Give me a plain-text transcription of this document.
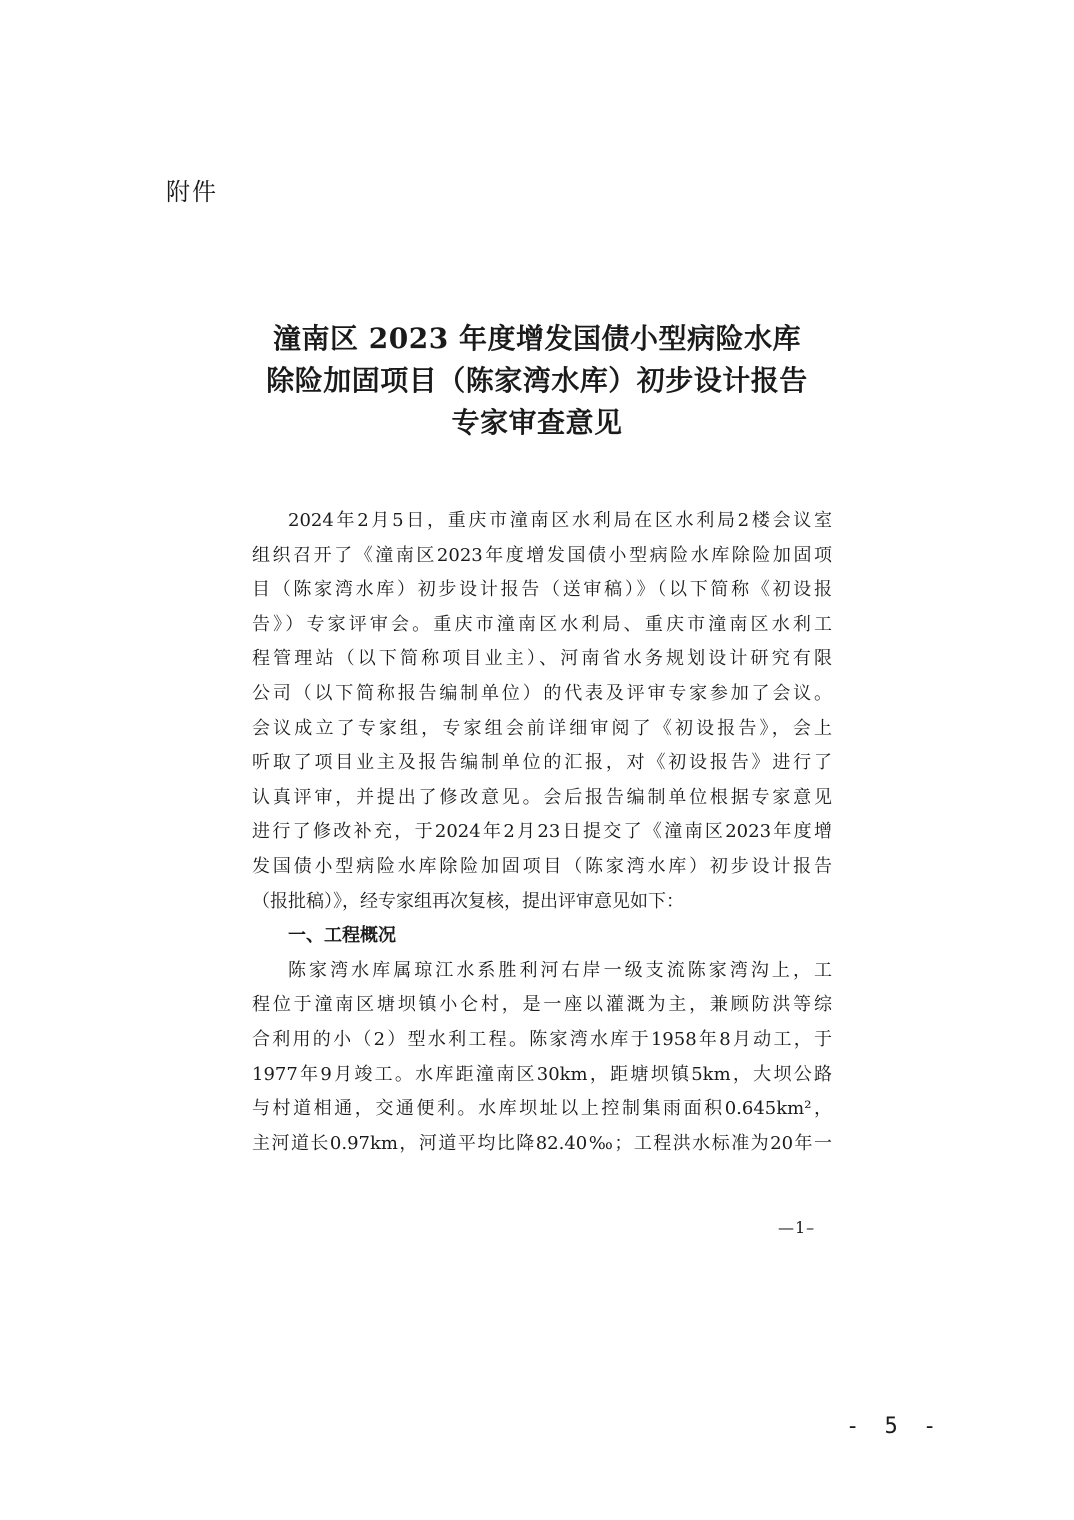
附件
潼南区 2023 年度增发国债小型病险水库
除险加固项目（陈家湾水库）初步设计报告
专家审查意见
2024年2月5日，重庆市潼南区水利局在区水利局2楼会议室
组织召开了《潼南区2023年度增发国债小型病险水库除险加固项
目（陈家湾水库）初步设计报告（送审稿）》（以下简称《初设报
告》）专家评审会。重庆市潼南区水利局、重庆市潼南区水利工
程管理站（以下简称项目业主）、河南省水务规划设计研究有限
公司（以下简称报告编制单位）的代表及评审专家参加了会议。
会议成立了专家组，专家组会前详细审阅了《初设报告》，会上
听取了项目业主及报告编制单位的汇报，对《初设报告》进行了
认真评审，并提出了修改意见。会后报告编制单位根据专家意见
进行了修改补充，于2024年2月23日提交了《潼南区2023年度增
发国债小型病险水库除险加固项目（陈家湾水库）初步设计报告
（报批稿）》，经专家组再次复核，提出评审意见如下：
一、工程概况
陈家湾水库属琼江水系胜利河右岸一级支流陈家湾沟上，工
程位于潼南区塘坝镇小仑村，是一座以灌溉为主，兼顾防洪等综
合利用的小（2）型水利工程。陈家湾水库于1958年8月动工，于
1977年9月竣工。水库距潼南区30km，距塘坝镇5km，大坝公路
与村道相通，交通便利。水库坝址以上控制集雨面积0.645km²，
主河道长0.97km，河道平均比降82.40‰；工程洪水标准为20年一
—1–
- 5 -
